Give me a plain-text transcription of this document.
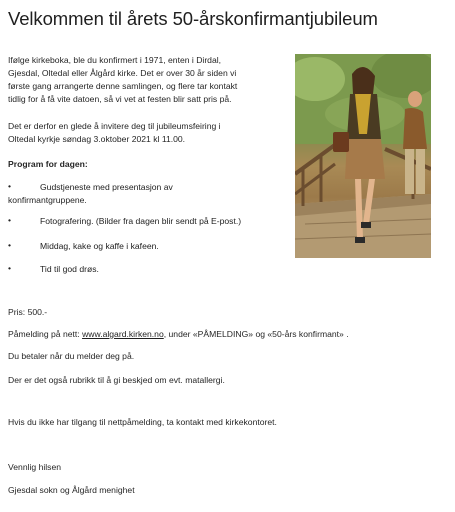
Velkommen til årets 50-årskonfirmantjubileum
Ifølge kirkeboka, ble du konfirmert i 1971, enten i Dirdal,
Gjesdal, Oltedal eller Ålgård kirke. Det er over 30 år siden vi
første gang arrangerte denne samlingen, og flere tar kontakt
tidlig for å få vite datoen, så vi vet at festen blir satt pris på.
Det er derfor en glede å invitere deg til jubileumsfeiring i
Oltedal kyrkje søndag 3.oktober 2021 kl 11.00.
Program for dagen:
•	Gudstjeneste med presentasjon av
konfirmantgruppene.
•	Fotografering. (Bilder fra dagen blir sendt på E-post.)
•	Middag, kake og kaffe i kafeen.
•	Tid til god drøs.
Pris: 500.-
Påmelding på nett: www.algard.kirken.no, under «PÅMELDING» og «50-års konfirmant» .
Du betaler når du melder deg på.
Der er det også rubrikk til å gi beskjed om evt. matallergi.
Hvis du ikke har tilgang til nettpåmelding, ta kontakt med kirkekontoret.
Vennlig hilsen
Gjesdal sokn og Ålgård menighet
